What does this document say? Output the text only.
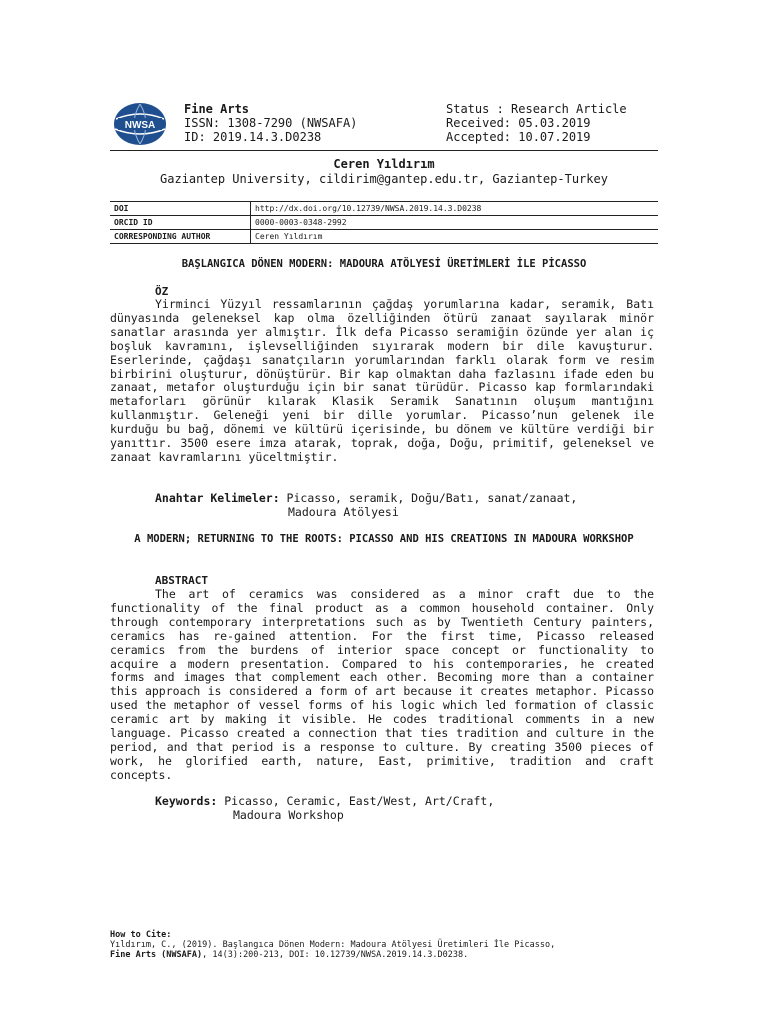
NWSA
Fine Arts
ISSN: 1308-7290 (NWSAFA)
ID: 2019.14.3.D0238
Status : Research Article
Received: 05.03.2019
Accepted: 10.07.2019
Ceren Yıldırım
Gaziantep University, cildirim@gantep.edu.tr, Gaziantep-Turkey
DOI	http://dx.doi.org/10.12739/NWSA.2019.14.3.D0238
ORCID ID	0000-0003-0348-2992
CORRESPONDING AUTHOR	Ceren Yıldırım
BAŞLANGICA DÖNEN MODERN: MADOURA ATÖLYESİ ÜRETİMLERİ İLE PİCASSO
ÖZ

Yirminci Yüzyıl ressamlarının çağdaş yorumlarına kadar, seramik, Batı dünyasında geleneksel kap olma özelliğinden ötürü zanaat sayılarak minör sanatlar arasında yer almıştır. İlk defa Picasso seramiğin özünde yer alan iç boşluk kavramını, işlevselliğinden sıyırarak modern bir dile kavuşturur. Eserlerinde, çağdaşı sanatçıların yorumlarından farklı olarak form ve resim birbirini oluşturur, dönüştürür. Bir kap olmaktan daha fazlasını ifade eden bu zanaat, metafor oluşturduğu için bir sanat türüdür. Picasso kap formlarındaki metaforları görünür kılarak Klasik Seramik Sanatının oluşum mantığını kullanmıştır. Geleneği yeni bir dille yorumlar. Picasso’nun gelenek ile kurduğu bu bağ, dönemi ve kültürü içerisinde, bu dönem ve kültüre verdiği bir yanıttır. 3500 esere imza atarak, toprak, doğa, Doğu, primitif, geleneksel ve zanaat kavramlarını yüceltmiştir.

Anahtar Kelimeler: Picasso, seramik, Doğu/Batı, sanat/zanaat,
Madoura Atölyesi
A MODERN; RETURNING TO THE ROOTS: PICASSO AND HIS CREATIONS IN MADOURA WORKSHOP
ABSTRACT

The art of ceramics was considered as a minor craft due to the functionality of the final product as a common household container. Only through contemporary interpretations such as by Twentieth Century painters, ceramics has re-gained attention. For the first time, Picasso released ceramics from the burdens of interior space concept or functionality to acquire a modern presentation. Compared to his contemporaries, he created forms and images that complement each other. Becoming more than a container this approach is considered a form of art because it creates metaphor. Picasso used the metaphor of vessel forms of his logic which led formation of classic ceramic art by making it visible. He codes traditional comments in a new language. Picasso created a connection that ties tradition and culture in the period, and that period is a response to culture. By creating 3500 pieces of work, he glorified earth, nature, East, primitive, tradition and craft concepts.

Keywords: Picasso, Ceramic, East/West, Art/Craft,
Madoura Workshop
How to Cite:
Yıldırım, C., (2019). Başlangıca Dönen Modern: Madoura Atölyesi Üretimleri İle Picasso,
Fine Arts (NWSAFA), 14(3):200-213, DOI: 10.12739/NWSA.2019.14.3.D0238.
